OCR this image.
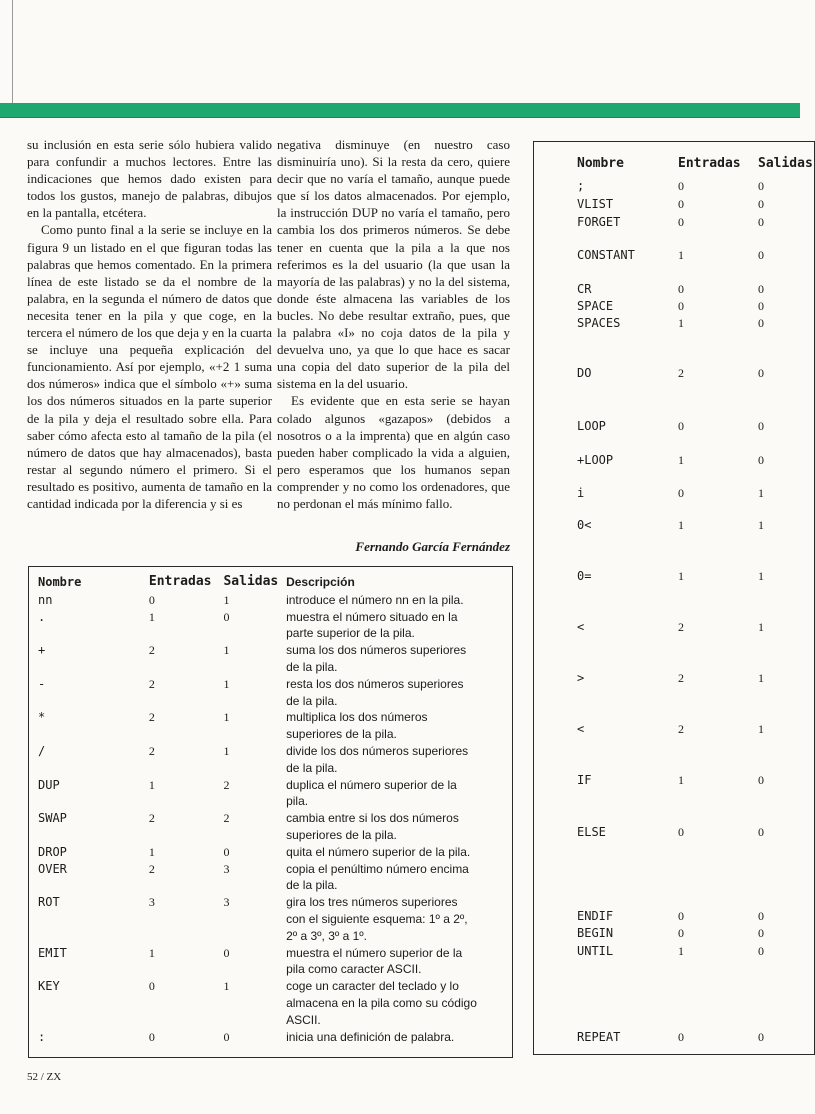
su inclusión en esta serie sólo hubiera valido para confundir a muchos lectores. Entre las indicaciones que hemos dado existen para todos los gustos, manejo de palabras, dibujos en la pantalla, etcétera.

Como punto final a la serie se incluye en la figura 9 un listado en el que figuran todas las palabras que hemos comentado. En la primera línea de este listado se da el nombre de la palabra, en la segunda el número de datos que necesita tener en la pila y que coge, en la tercera el número de los que deja y en la cuarta se incluye una pequeña explicación del funcionamiento. Así por ejemplo, «+2 1 suma dos números» indica que el símbolo «+» suma los dos números situados en la parte superior de la pila y deja el resultado sobre ella. Para saber cómo afecta esto al tamaño de la pila (el número de datos que hay almacenados), basta restar al segundo número el primero. Si el resultado es positivo, aumenta de tamaño en la cantidad indicada por la diferencia y si es

negativa disminuye (en nuestro caso disminuiría uno). Si la resta da cero, quiere decir que no varía el tamaño, aunque puede que sí los datos almacenados. Por ejemplo, la instrucción DUP no varía el tamaño, pero cambia los dos primeros números. Se debe tener en cuenta que la pila a la que nos referimos es la del usuario (la que usan la mayoría de las palabras) y no la del sistema, donde éste almacena las variables de los bucles. No debe resultar extraño, pues, que la palabra «I» no coja datos de la pila y devuelva uno, ya que lo que hace es sacar una copia del dato superior de la pila del sistema en la del usuario.

Es evidente que en esta serie se hayan colado algunos «gazapos» (debidos a nosotros o a la imprenta) que en algún caso pueden haber complicado la vida a alguien, pero esperamos que los humanos sepan comprender y no como los ordenadores, que no perdonan el más mínimo fallo.

Fernando García Fernández
Nombre	Entradas	Salidas	Descripción
nn	0	1	introduce el número nn en la pila.

.	1	0	muestra el número situado en la
parte superior de la pila.

+	2	1	suma los dos números superiores
de la pila.

-	2	1	resta los dos números superiores
de la pila.

*	2	1	multiplica los dos números
superiores de la pila.

/	2	1	divide los dos números superiores
de la pila.

DUP	1	2	duplica el número superior de la
pila.

SWAP	2	2	cambia entre si los dos números
superiores de la pila.

DROP	1	0	quita el número superior de la pila.

OVER	2	3	copia el penúltimo número encima
de la pila.

ROT	3	3	gira los tres números superiores
con el siguiente esquema: 1º a 2º,
2º a 3º, 3º a 1º.

EMIT	1	0	muestra el número superior de la
pila como caracter ASCII.

KEY	0	1	coge un caracter del teclado y lo
almacena en la pila como su código
ASCII.

:	0	0	inicia una definición de palabra.
Nombre	Entradas Salidas
;	0	0
VLIST	0	0
FORGET	0	0
CONSTANT	1	0
CR	0	0
SPACE	0	0
SPACES	1	0
DO	2	0
LOOP	0	0
+LOOP	1	0
i	0	1
0<	1	1
0=	1	1
<	2	1
>	2	1
<	2	1
IF	1	0
ELSE	0	0
ENDIF	0	0
BEGIN	0	0
UNTIL	1	0
REPEAT	0	0
52 / ZX
